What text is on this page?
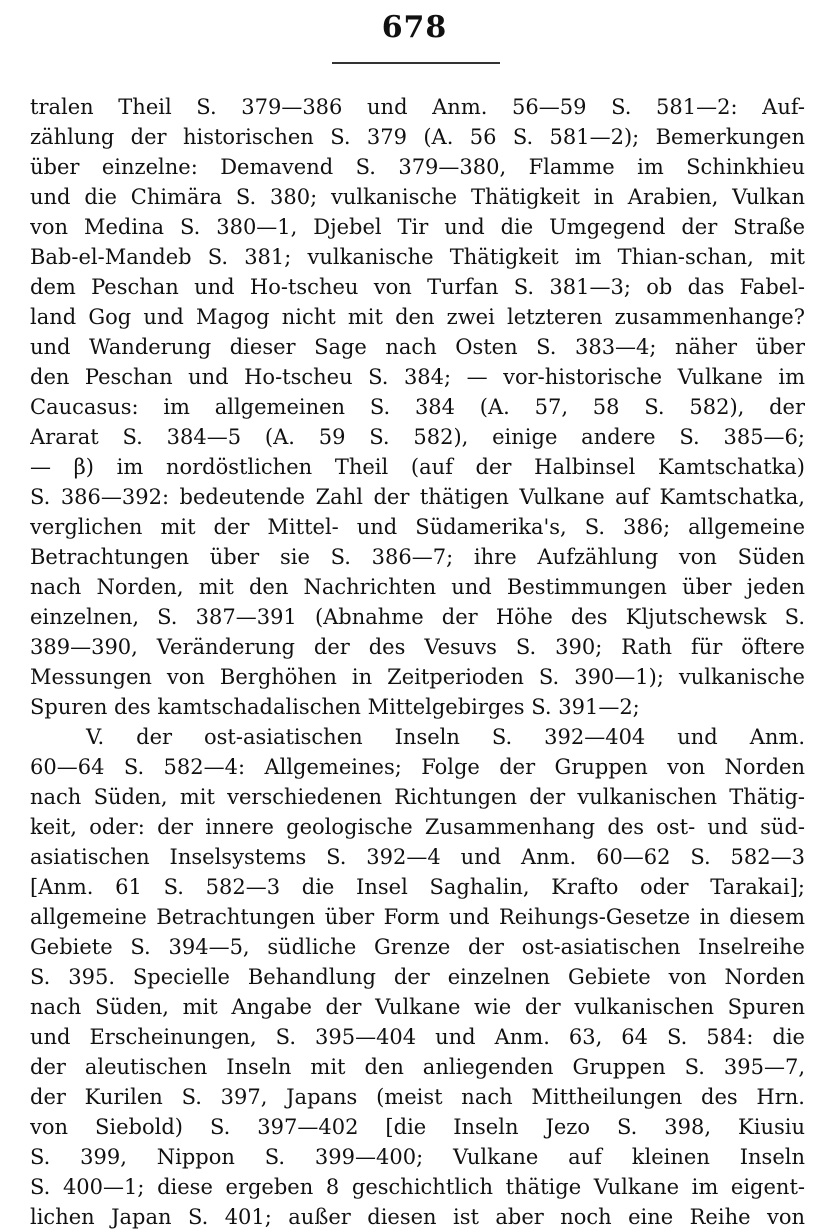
678
tralen Theil S. 379—386 und Anm. 56—59 S. 581—2: Auf-
zählung der historischen S. 379 (A. 56 S. 581—2); Bemerkungen
über einzelne: Demavend S. 379—380, Flamme im Schinkhieu
und die Chimära S. 380; vulkanische Thätigkeit in Arabien, Vulkan
von Medina S. 380—1, Djebel Tir und die Umgegend der Straße
Bab-el-Mandeb S. 381; vulkanische Thätigkeit im Thian-schan, mit
dem Peschan und Ho-tscheu von Turfan S. 381—3; ob das Fabel-
land Gog und Magog nicht mit den zwei letzteren zusammenhange?
und Wanderung dieser Sage nach Osten S. 383—4; näher über
den Peschan und Ho-tscheu S. 384; — vor-historische Vulkane im
Caucasus: im allgemeinen S. 384 (A. 57, 58 S. 582), der
Ararat S. 384—5 (A. 59 S. 582), einige andere S. 385—6;
— β) im nordöstlichen Theil (auf der Halbinsel Kamtschatka)
S. 386—392: bedeutende Zahl der thätigen Vulkane auf Kamtschatka,
verglichen mit der Mittel- und Südamerika's, S. 386; allgemeine
Betrachtungen über sie S. 386—7; ihre Aufzählung von Süden
nach Norden, mit den Nachrichten und Bestimmungen über jeden
einzelnen, S. 387—391 (Abnahme der Höhe des Kljutschewsk S.
389—390, Veränderung der des Vesuvs S. 390; Rath für öftere
Messungen von Berghöhen in Zeitperioden S. 390—1); vulkanische
Spuren des kamtschadalischen Mittelgebirges S. 391—2;
V. der ost-asiatischen Inseln S. 392—404 und Anm.
60—64 S. 582—4: Allgemeines; Folge der Gruppen von Norden
nach Süden, mit verschiedenen Richtungen der vulkanischen Thätig-
keit, oder: der innere geologische Zusammenhang des ost- und süd-
asiatischen Inselsystems S. 392—4 und Anm. 60—62 S. 582—3
[Anm. 61 S. 582—3 die Insel Saghalin, Krafto oder Tarakai];
allgemeine Betrachtungen über Form und Reihungs-Gesetze in diesem
Gebiete S. 394—5, südliche Grenze der ost-asiatischen Inselreihe
S. 395. Specielle Behandlung der einzelnen Gebiete von Norden
nach Süden, mit Angabe der Vulkane wie der vulkanischen Spuren
und Erscheinungen, S. 395—404 und Anm. 63, 64 S. 584: die
der aleutischen Inseln mit den anliegenden Gruppen S. 395—7,
der Kurilen S. 397, Japans (meist nach Mittheilungen des Hrn.
von Siebold) S. 397—402 [die Inseln Jezo S. 398, Kiusiu
S. 399, Nippon S. 399—400; Vulkane auf kleinen Inseln
S. 400—1; diese ergeben 8 geschichtlich thätige Vulkane im eigent-
lichen Japan S. 401; außer diesen ist aber noch eine Reihe von
